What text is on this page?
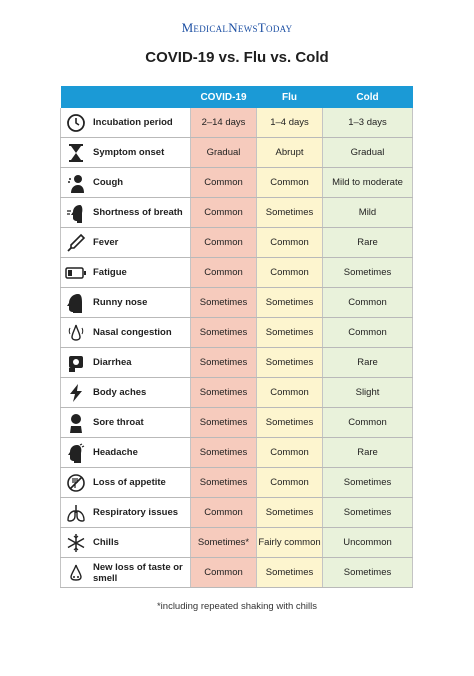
MedicalNewsToday
COVID-19 vs. Flu vs. Cold
	COVID-19	Flu	Cold

Incubation period	2–14 days	1–4 days	1–3 days

Symptom onset	Gradual	Abrupt	Gradual

Cough	Common	Common	Mild to moderate

Shortness of breath	Common	Sometimes	Mild

Fever	Common	Common	Rare

Fatigue	Common	Common	Sometimes

Runny nose	Sometimes	Sometimes	Common

Nasal congestion	Sometimes	Sometimes	Common

Diarrhea	Sometimes	Sometimes	Rare

Body aches	Sometimes	Common	Slight

Sore throat	Sometimes	Sometimes	Common

Headache	Sometimes	Common	Rare

Loss of appetite	Sometimes	Common	Sometimes

Respiratory issues	Common	Sometimes	Sometimes

Chills	Sometimes*	Fairly common	Uncommon

New loss of taste or smell	Common	Sometimes	Sometimes
*including repeated shaking with chills
